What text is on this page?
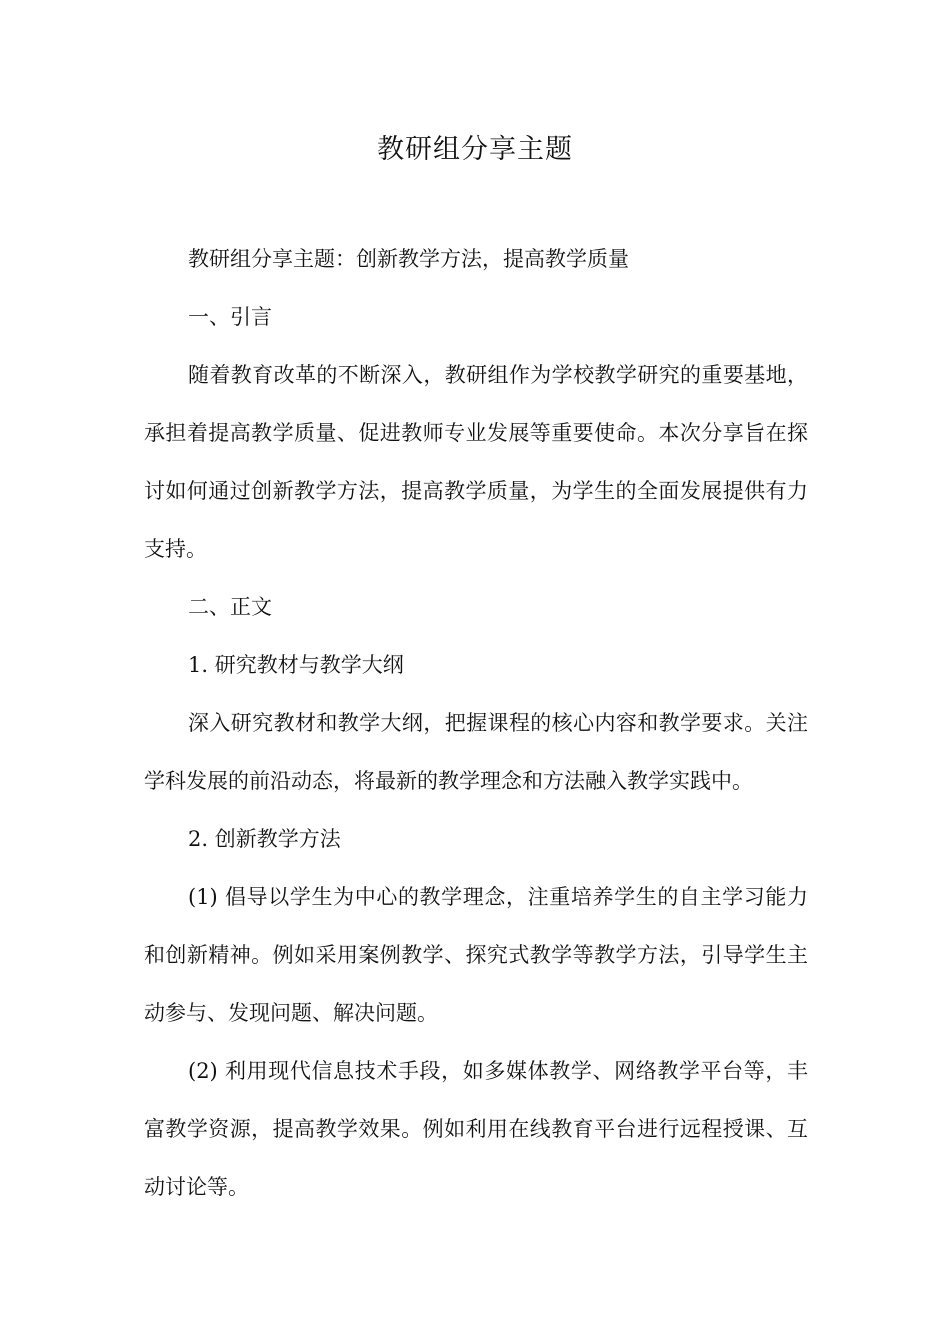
教研组分享主题

教研组分享主题：创新教学方法，提高教学质量

一、引言

随着教育改革的不断深入，教研组作为学校教学研究的重要基地，承担着提高教学质量、促进教师专业发展等重要使命。本次分享旨在探讨如何通过创新教学方法，提高教学质量，为学生的全面发展提供有力支持。

二、正文

1. 研究教材与教学大纲

深入研究教材和教学大纲，把握课程的核心内容和教学要求。关注学科发展的前沿动态，将最新的教学理念和方法融入教学实践中。

2. 创新教学方法

(1) 倡导以学生为中心的教学理念，注重培养学生的自主学习能力和创新精神。例如采用案例教学、探究式教学等教学方法，引导学生主动参与、发现问题、解决问题。

(2) 利用现代信息技术手段，如多媒体教学、网络教学平台等，丰富教学资源，提高教学效果。例如利用在线教育平台进行远程授课、互动讨论等。
